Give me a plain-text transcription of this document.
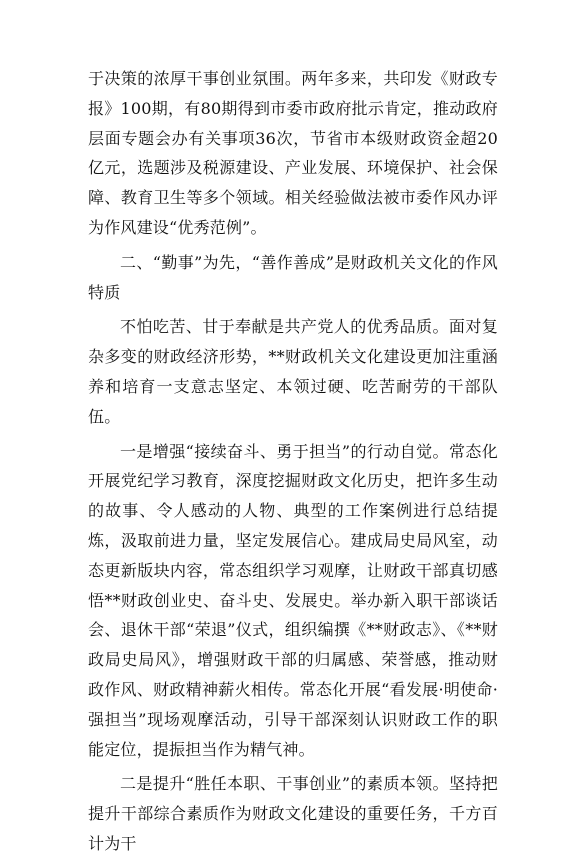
于决策的浓厚干事创业氛围。两年多来，共印发《财政专报》100期，有80期得到市委市政府批示肯定，推动政府层面专题会办有关事项36次，节省市本级财政资金超20亿元，选题涉及税源建设、产业发展、环境保护、社会保障、教育卫生等多个领域。相关经验做法被市委作风办评为作风建设“优秀范例”。

二、“勤事”为先，“善作善成”是财政机关文化的作风特质

不怕吃苦、甘于奉献是共产党人的优秀品质。面对复杂多变的财政经济形势，**财政机关文化建设更加注重涵养和培育一支意志坚定、本领过硬、吃苦耐劳的干部队伍。

一是增强“接续奋斗、勇于担当”的行动自觉。常态化开展党纪学习教育，深度挖掘财政文化历史，把许多生动的故事、令人感动的人物、典型的工作案例进行总结提炼，汲取前进力量，坚定发展信心。建成局史局风室，动态更新版块内容，常态组织学习观摩，让财政干部真切感悟**财政创业史、奋斗史、发展史。举办新入职干部谈话会、退休干部“荣退”仪式，组织编撰《**财政志》、《**财政局史局风》，增强财政干部的归属感、荣誉感，推动财政作风、财政精神薪火相传。常态化开展“看发展·明使命·强担当”现场观摩活动，引导干部深刻认识财政工作的职能定位，提振担当作为精气神。

二是提升“胜任本职、干事创业”的素质本领。坚持把提升干部综合素质作为财政文化建设的重要任务，千方百计为干
